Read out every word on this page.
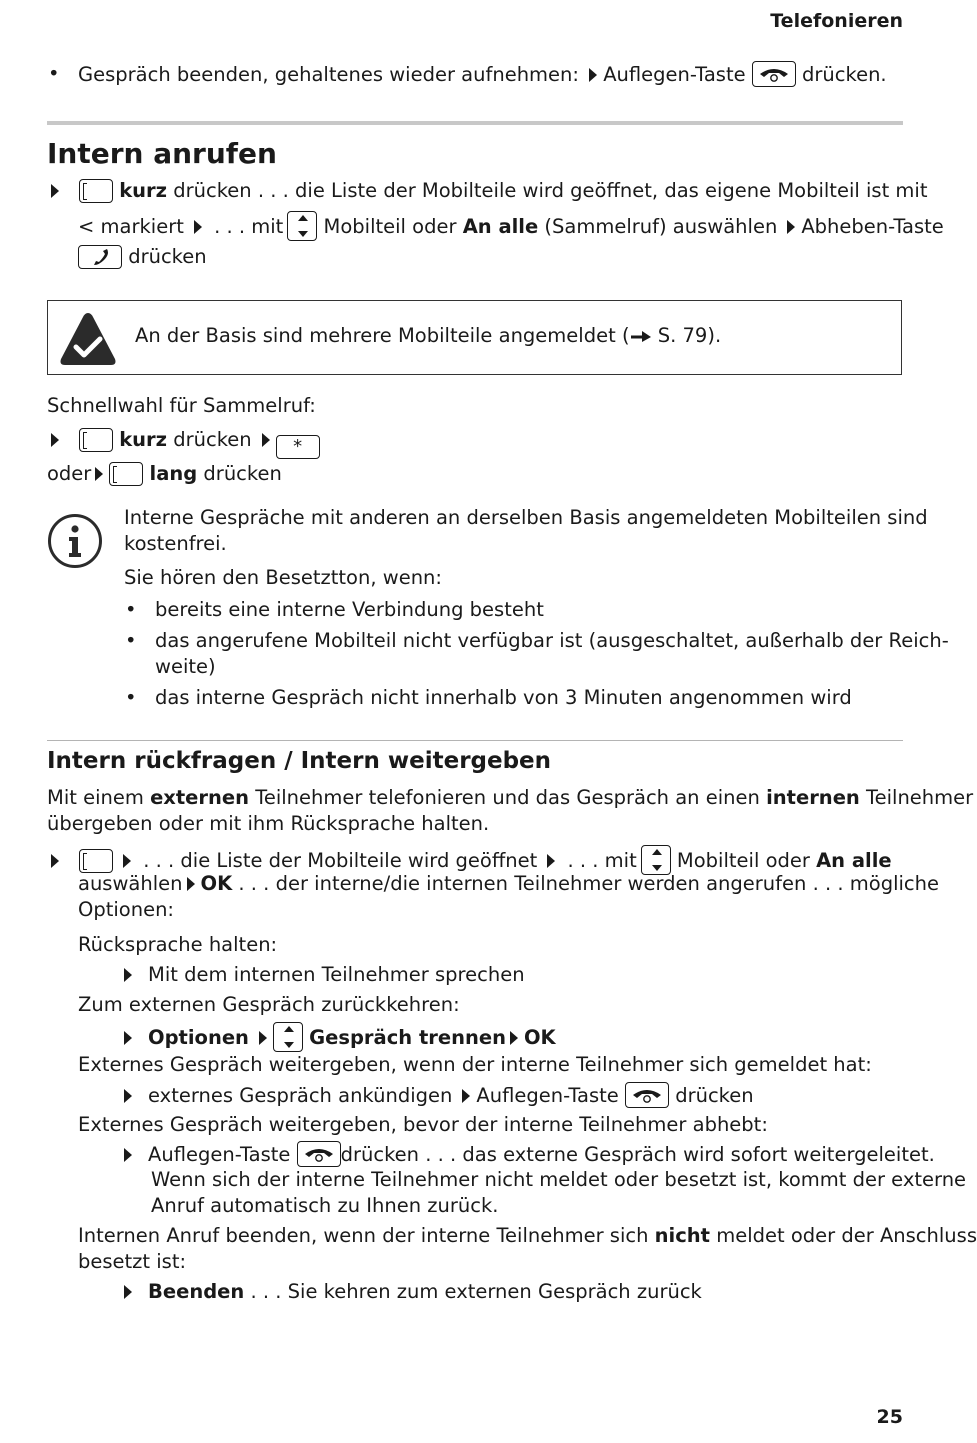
Telefonieren
• Gespräch beenden, gehaltenes wieder aufnehmen: Auflegen-Taste	drücken.
Intern anrufen
kurz drücken . . . die Liste der Mobilteile wird geöffnet, das eigene Mobilteil ist mit
< markiert . . . mit Mobilteil oder An alle (Sammelruf) auswählen Abheben-Taste
drücken
An der Basis sind mehrere Mobilteile angemeldet ( S. 79).
Schnellwahl für Sammelruf:
kurz drücken *
oder	lang drücken
Interne Gespräche mit anderen an derselben Basis angemeldeten Mobilteilen sind
kostenfrei.
Sie hören den Besetztton, wenn:
• bereits eine interne Verbindung besteht
• das angerufene Mobilteil nicht verfügbar ist (ausgeschaltet, außerhalb der Reich-
weite)
• das interne Gespräch nicht innerhalb von 3 Minuten angenommen wird
Intern rückfragen / Intern weitergeben
Mit einem externen Teilnehmer telefonieren und das Gespräch an einen internen Teilnehmer
übergeben oder mit ihm Rücksprache halten.
. . . die Liste der Mobilteile wird geöffnet . . . mit Mobilteil oder An alle
auswählen OK . . . der interne/die internen Teilnehmer werden angerufen . . . mögliche
Optionen:
Rücksprache halten:
Mit dem internen Teilnehmer sprechen
Zum externen Gespräch zurückkehren:
Optionen	Gespräch trennen OK
Externes Gespräch weitergeben, wenn der interne Teilnehmer sich gemeldet hat:
externes Gespräch ankündigen Auflegen-Taste	drücken
Externes Gespräch weitergeben, bevor der interne Teilnehmer abhebt:
Auflegen-Taste	drücken . . . das externe Gespräch wird sofort weitergeleitet.
Wenn sich der interne Teilnehmer nicht meldet oder besetzt ist, kommt der externe
Anruf automatisch zu Ihnen zurück.
Internen Anruf beenden, wenn der interne Teilnehmer sich nicht meldet oder der Anschluss
besetzt ist:
Beenden . . . Sie kehren zum externen Gespräch zurück
25
